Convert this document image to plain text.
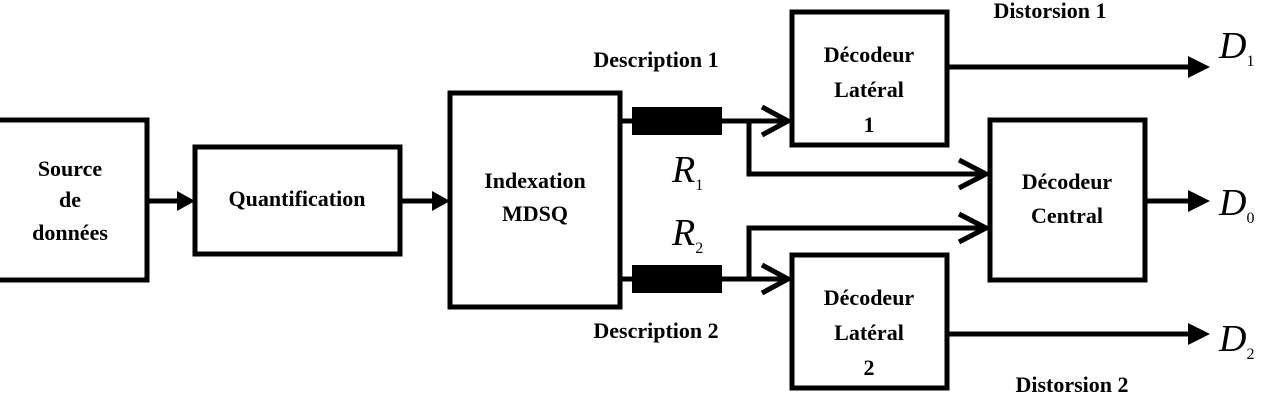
Source
de
données
Quantification
Indexation
MDSQ
Décodeur
Latéral
1
Décodeur
Central
Décodeur
Latéral
2
Description 1
Description 2
Distorsion 1
Distorsion 2
R1
R2
D1
D0
D2
